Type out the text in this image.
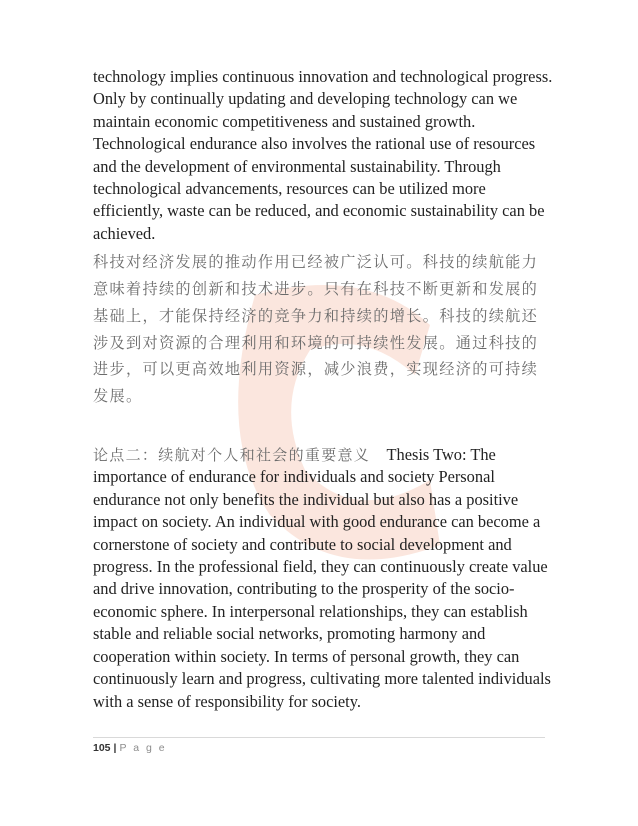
technology implies continuous innovation and technological progress. Only by continually updating and developing technology can we maintain economic competitiveness and sustained growth. Technological endurance also involves the rational use of resources and the development of environmental sustainability. Through technological advancements, resources can be utilized more efficiently, waste can be reduced, and economic sustainability can be achieved.

科技对经济发展的推动作用已经被广泛认可。科技的续航能力意味着持续的创新和技术进步。只有在科技不断更新和发展的基础上，才能保持经济的竞争力和持续的增长。科技的续航还涉及到对资源的合理利用和环境的可持续性发展。通过科技的进步，可以更高效地利用资源，减少浪费，实现经济的可持续发展。

论点二：续航对个人和社会的重要意义 Thesis Two: The importance of endurance for individuals and society Personal endurance not only benefits the individual but also has a positive impact on society. An individual with good endurance can become a cornerstone of society and contribute to social development and progress. In the professional field, they can continuously create value and drive innovation, contributing to the prosperity of the socio-economic sphere. In interpersonal relationships, they can establish stable and reliable social networks, promoting harmony and cooperation within society. In terms of personal growth, they can continuously learn and progress, cultivating more talented individuals with a sense of responsibility for society.

105 | P a g e
